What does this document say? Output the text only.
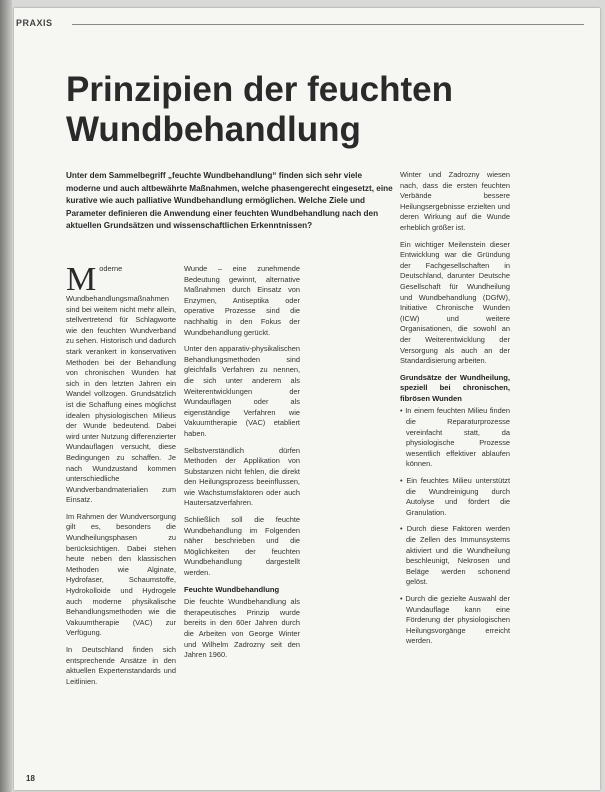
PRAXIS
Prinzipien der feuchten Wundbehandlung

Unter dem Sammelbegriff „feuchte Wundbehandlung“ finden sich sehr viele moderne und auch altbewährte Maßnahmen, welche phasengerecht eingesetzt, eine kurative wie auch palliative Wundbehandlung ermöglichen. Welche Ziele und Parameter definieren die Anwendung einer feuchten Wundbehandlung nach den aktuellen Grundsätzen und wissenschaftlichen Erkenntnissen?

Moderne Wundbehandlungsmaßnahmen sind bei weitem nicht mehr allein, stellvertretend für Schlagworte wie den feuchten Wundverband zu sehen. Historisch und dadurch stark verankert in konservativen Methoden bei der Behandlung von chronischen Wunden hat sich in den letzten Jahren ein Wandel vollzogen. Grundsätzlich ist die Schaffung eines möglichst idealen physiologischen Milieus der Wunde bedeutend. Dabei wird unter Nutzung differenzierter Wundauflagen versucht, diese Bedingungen zu schaffen. Je nach Wundzustand kommen unterschiedliche Wundverbandmaterialien zum Einsatz.

Im Rahmen der Wundversorgung gilt es, besonders die Wundheilungsphasen zu berücksichtigen. Dabei stehen heute neben den klassischen Methoden wie Alginate, Hydrofaser, Schaumstoffe, Hydrokolloide und Hydrogele auch moderne physikalische Behandlungsmethoden wie die Vakuumtherapie (VAC) zur Verfügung.

In Deutschland finden sich entsprechende Ansätze in den aktuellen Expertenstandards und Leitlinien.

Wunde – eine zunehmende Bedeutung gewinnt, alternative Maßnahmen durch Einsatz von Enzymen, Antiseptika oder operative Prozesse sind die nachhaltig in den Fokus der Wundbehandlung gerückt.

Unter den apparativ-physikalischen Behandlungsmethoden sind gleichfalls Verfahren zu nennen, die sich unter anderem als Weiterentwicklungen der Wundauflagen oder als eigenständige Verfahren wie Vakuumtherapie (VAC) etabliert haben.

Selbstverständlich dürfen Methoden der Applikation von Substanzen nicht fehlen, die direkt den Heilungsprozess beeinflussen, wie Wachstumsfaktoren oder auch Hautersatzverfahren.

Schließlich soll die feuchte Wundbehandlung im Folgenden näher beschrieben und die Möglichkeiten der feuchten Wundbehandlung dargestellt werden.

Feuchte Wundbehandlung

Die feuchte Wundbehandlung als therapeutisches Prinzip wurde bereits in den 60er Jahren durch die Arbeiten von George Winter und Wilhelm Zadrozny seit den Jahren 1960.

Winter und Zadrozny wiesen nach, dass die ersten feuchten Verbände bessere Heilungsergebnisse erzielten und deren Wirkung auf die Wunde erheblich größer ist.

Ein wichtiger Meilenstein dieser Entwicklung war die Gründung der Fachgesellschaften in Deutschland, darunter Deutsche Gesellschaft für Wundheilung und Wundbehandlung (DGfW), Initiative Chronische Wunden (ICW) und weitere Organisationen, die sowohl an der Weiterentwicklung der Versorgung als auch an der Standardisierung arbeiten.

Grundsätze der Wundheilung, speziell bei chronischen, fibrösen Wunden

• In einem feuchten Milieu finden die Reparaturprozesse vereinfacht statt, da physiologische Prozesse wesentlich effektiver ablaufen können.

• Ein feuchtes Milieu unterstützt die Wundreinigung durch Autolyse und fördert die Granulation.

• Durch diese Faktoren werden die Zellen des Immunsystems aktiviert und die Wundheilung beschleunigt, Nekrosen und Beläge werden schonend gelöst.

• Durch die gezielte Auswahl der Wundauflage kann eine Förderung der physiologischen Heilungsvorgänge erreicht werden.

18
